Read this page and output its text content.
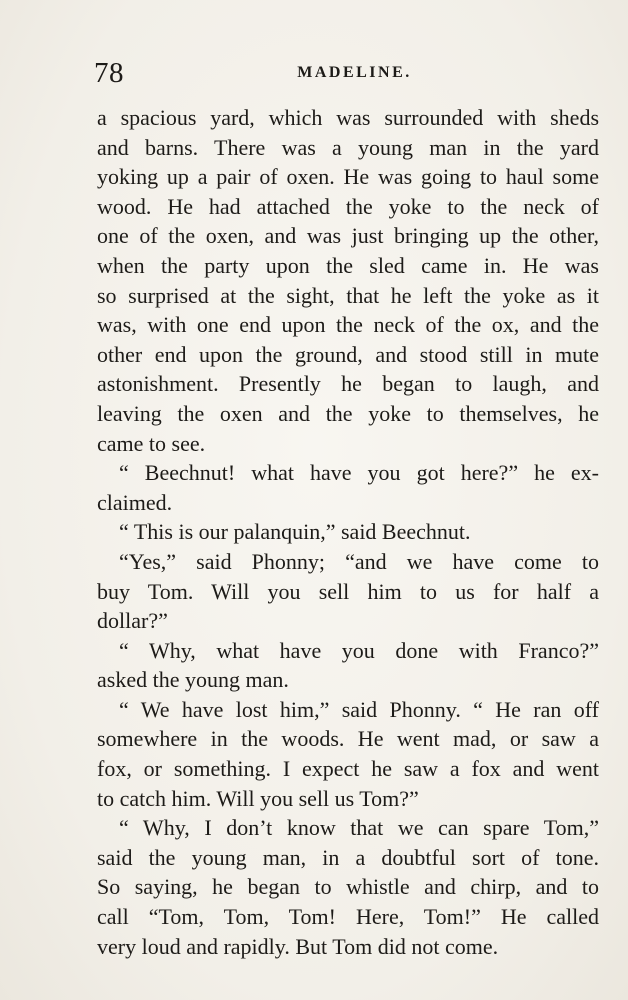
78	MADELINE.
a spacious yard, which was surrounded with sheds
and barns. There was a young man in the yard
yoking up a pair of oxen. He was going to haul some
wood. He had attached the yoke to the neck of
one of the oxen, and was just bringing up the other,
when the party upon the sled came in. He was
so surprised at the sight, that he left the yoke as it
was, with one end upon the neck of the ox, and the
other end upon the ground, and stood still in mute
astonishment. Presently he began to laugh, and
leaving the oxen and the yoke to themselves, he
came to see.
“ Beechnut! what have you got here?” he ex-
claimed.
“ This is our palanquin,” said Beechnut.
“Yes,” said Phonny; “and we have come to
buy Tom. Will you sell him to us for half a
dollar?”
“ Why, what have you done with Franco?”
asked the young man.
“ We have lost him,” said Phonny. “ He ran off
somewhere in the woods. He went mad, or saw a
fox, or something. I expect he saw a fox and went
to catch him. Will you sell us Tom?”
“ Why, I don’t know that we can spare Tom,”
said the young man, in a doubtful sort of tone.
So saying, he began to whistle and chirp, and to
call “Tom, Tom, Tom! Here, Tom!” He called
very loud and rapidly. But Tom did not come.
